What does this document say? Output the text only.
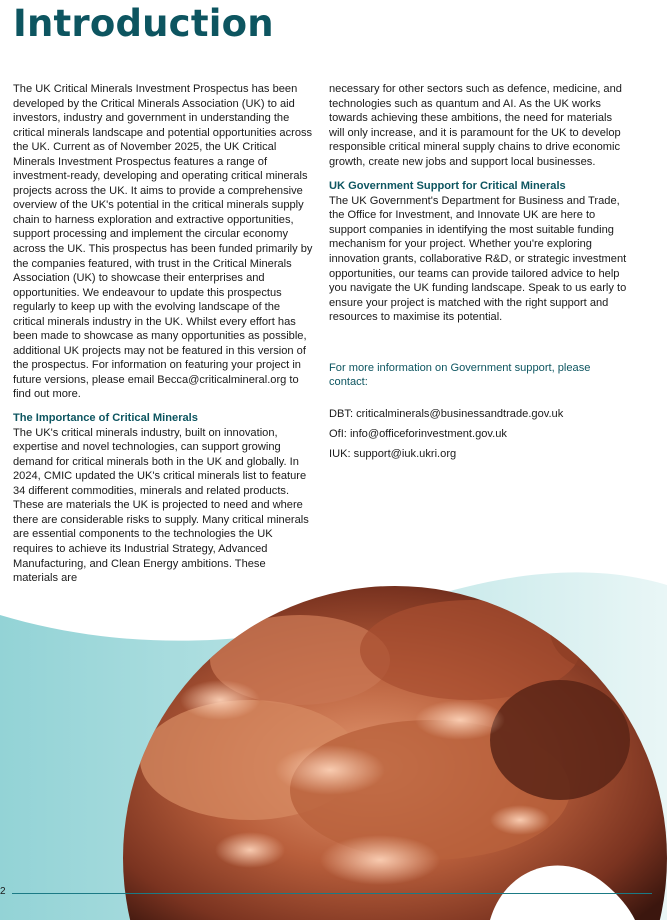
Introduction

The UK Critical Minerals Investment Prospectus has been developed by the Critical Minerals Association (UK) to aid investors, industry and government in understanding the critical minerals landscape and potential opportunities across the UK. Current as of November 2025, the UK Critical Minerals Investment Prospectus features a range of investment-ready, developing and operating critical minerals projects across the UK. It aims to provide a comprehensive overview of the UK's potential in the critical minerals supply chain to harness exploration and extractive opportunities, support processing and implement the circular economy across the UK. This prospectus has been funded primarily by the companies featured, with trust in the Critical Minerals Association (UK) to showcase their enterprises and opportunities. We endeavour to update this prospectus regularly to keep up with the evolving landscape of the critical minerals industry in the UK. Whilst every effort has been made to showcase as many opportunities as possible, additional UK projects may not be featured in this version of the prospectus. For information on featuring your project in future versions, please email Becca@criticalmineral.org to find out more.

The Importance of Critical Minerals

The UK's critical minerals industry, built on innovation, expertise and novel technologies, can support growing demand for critical minerals both in the UK and globally. In 2024, CMIC updated the UK's critical minerals list to feature 34 different commodities, minerals and related products. These are materials the UK is projected to need and where there are considerable risks to supply. Many critical minerals are essential components to the technologies the UK requires to achieve its Industrial Strategy, Advanced Manufacturing, and Clean Energy ambitions. These materials are

necessary for other sectors such as defence, medicine, and technologies such as quantum and AI. As the UK works towards achieving these ambitions, the need for materials will only increase, and it is paramount for the UK to develop responsible critical mineral supply chains to drive economic growth, create new jobs and support local businesses.

UK Government Support for Critical Minerals

The UK Government's Department for Business and Trade, the Office for Investment, and Innovate UK are here to support companies in identifying the most suitable funding mechanism for your project. Whether you're exploring innovation grants, collaborative R&D, or strategic investment opportunities, our teams can provide tailored advice to help you navigate the UK funding landscape. Speak to us early to ensure your project is matched with the right support and resources to maximise its potential.

For more information on Government support, please contact:

DBT: criticalminerals@businessandtrade.gov.uk
OfI: info@officeforinvestment.gov.uk
IUK: support@iuk.ukri.org
2
